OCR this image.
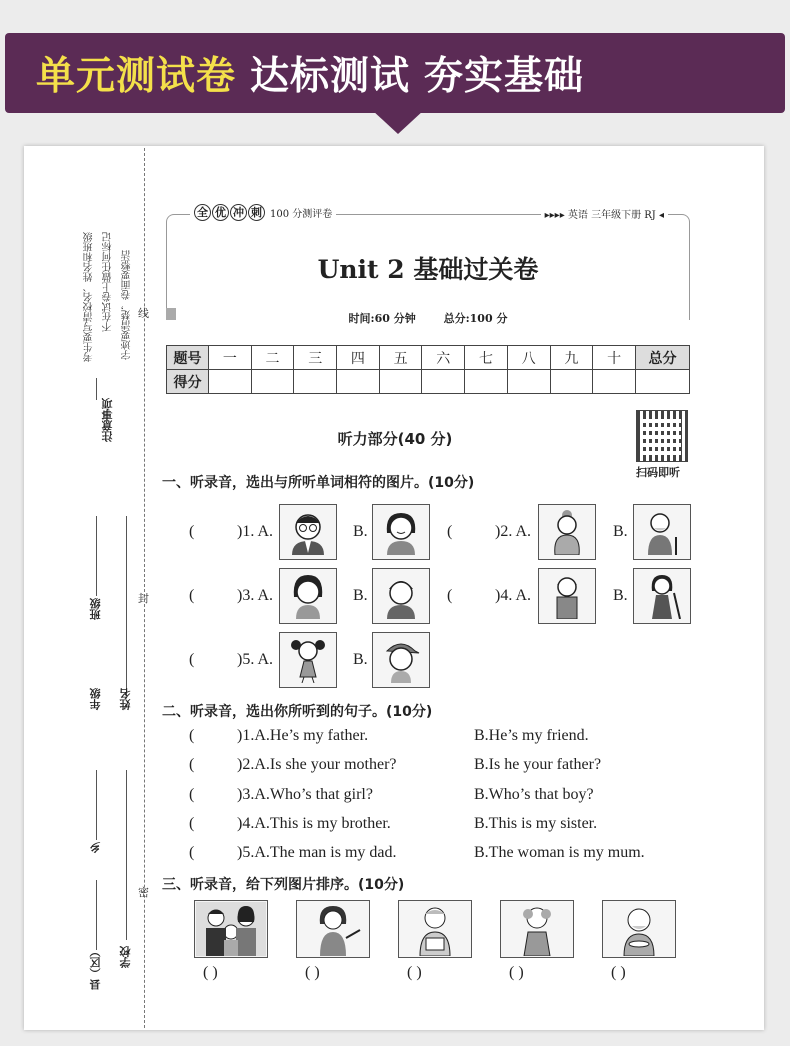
单元测试卷 达标测试 夯实基础
考生要写清校名、姓名和班级 不在试卷上做任何标记 字迹要清楚，卷面要整洁
注意事项
线
封
密
班级
年级 姓名
乡
县（区） 学校
全 优 冲 刺 100 分测评卷	▸▸▸▸ 英语 三年级下册 RJ ◂
Unit 2 基础过关卷
时间:60 分钟	总分:100 分
题号	一	二	三	四	五	六	七	八	九	十	总分
得分											
听力部分(40 分)
扫码即听
一、听录音，选出与所听单词相符的图片。(10分)
(	)1. A.	B.	(	)2. A.	B.
(	)3. A.	B.	(	)4. A.	B.
(	)5. A.	B.
二、听录音，选出你所听到的句子。(10分)
(	)1.A.He’s my father.	B.He’s my friend.
(	)2.A.Is she your mother?	B.Is he your father?
(	)3.A.Who’s that girl?	B.Who’s that boy?
(	)4.A.This is my brother.	B.This is my sister.
(	)5.A.The man is my dad.	B.The woman is my mum.
三、听录音，给下列图片排序。(10分)
( )	( )	( )	( )	( )
